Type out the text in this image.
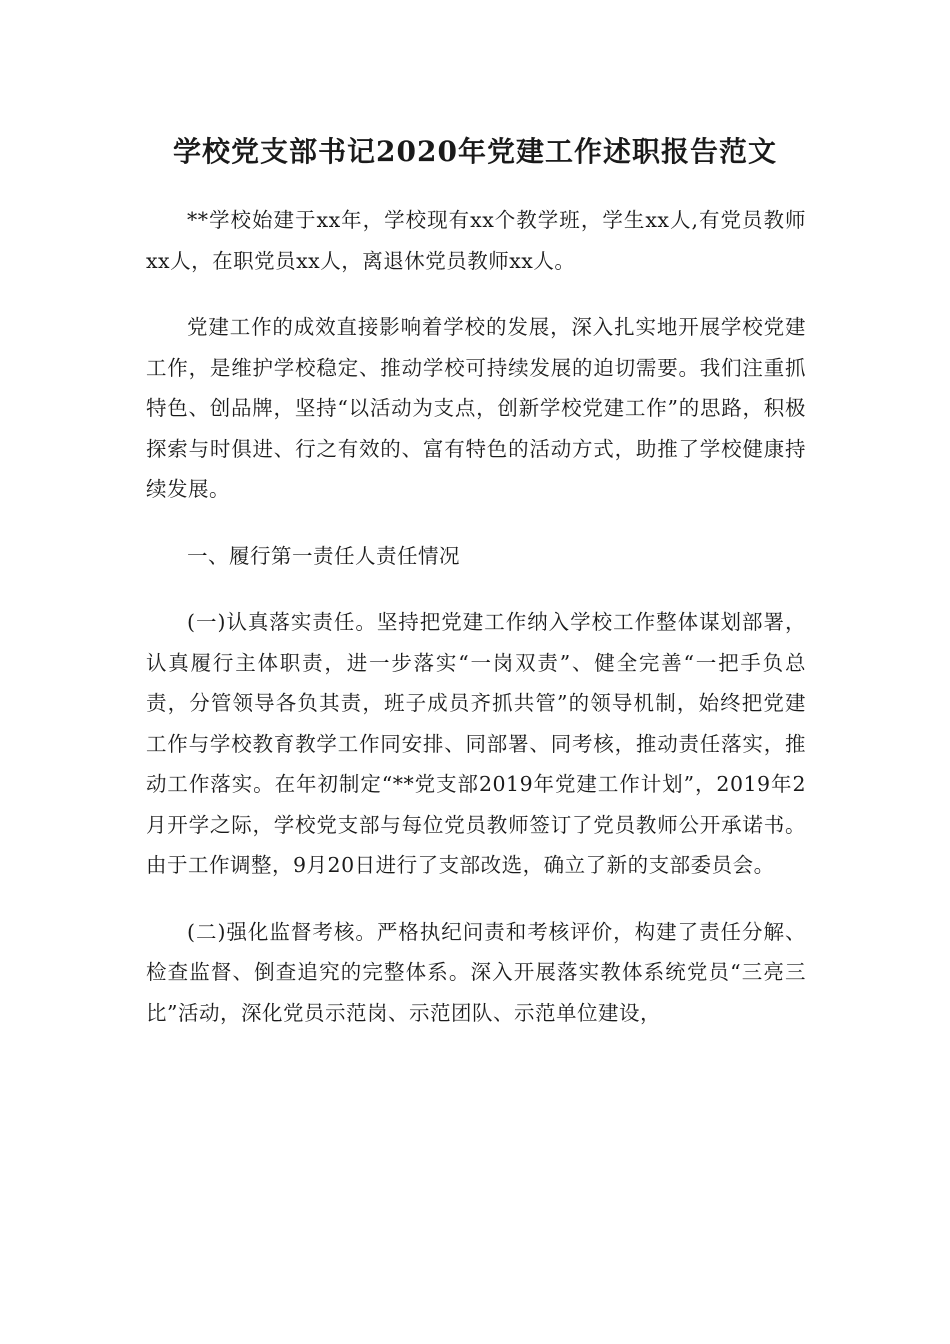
学校党支部书记2020年党建工作述职报告范文

**学校始建于xx年，学校现有xx个教学班，学生xx人,有党员教师xx人，在职党员xx人，离退休党员教师xx人。

党建工作的成效直接影响着学校的发展，深入扎实地开展学校党建工作，是维护学校稳定、推动学校可持续发展的迫切需要。我们注重抓特色、创品牌，坚持“以活动为支点，创新学校党建工作”的思路，积极探索与时俱进、行之有效的、富有特色的活动方式，助推了学校健康持续发展。

一、履行第一责任人责任情况

(一)认真落实责任。坚持把党建工作纳入学校工作整体谋划部署，认真履行主体职责，进一步落实“一岗双责”、健全完善“一把手负总责，分管领导各负其责，班子成员齐抓共管”的领导机制，始终把党建工作与学校教育教学工作同安排、同部署、同考核，推动责任落实，推动工作落实。在年初制定“**党支部2019年党建工作计划”，2019年2月开学之际，学校党支部与每位党员教师签订了党员教师公开承诺书。由于工作调整，9月20日进行了支部改选，确立了新的支部委员会。

(二)强化监督考核。严格执纪问责和考核评价，构建了责任分解、检查监督、倒查追究的完整体系。深入开展落实教体系统党员“三亮三比”活动，深化党员示范岗、示范团队、示范单位建设，
